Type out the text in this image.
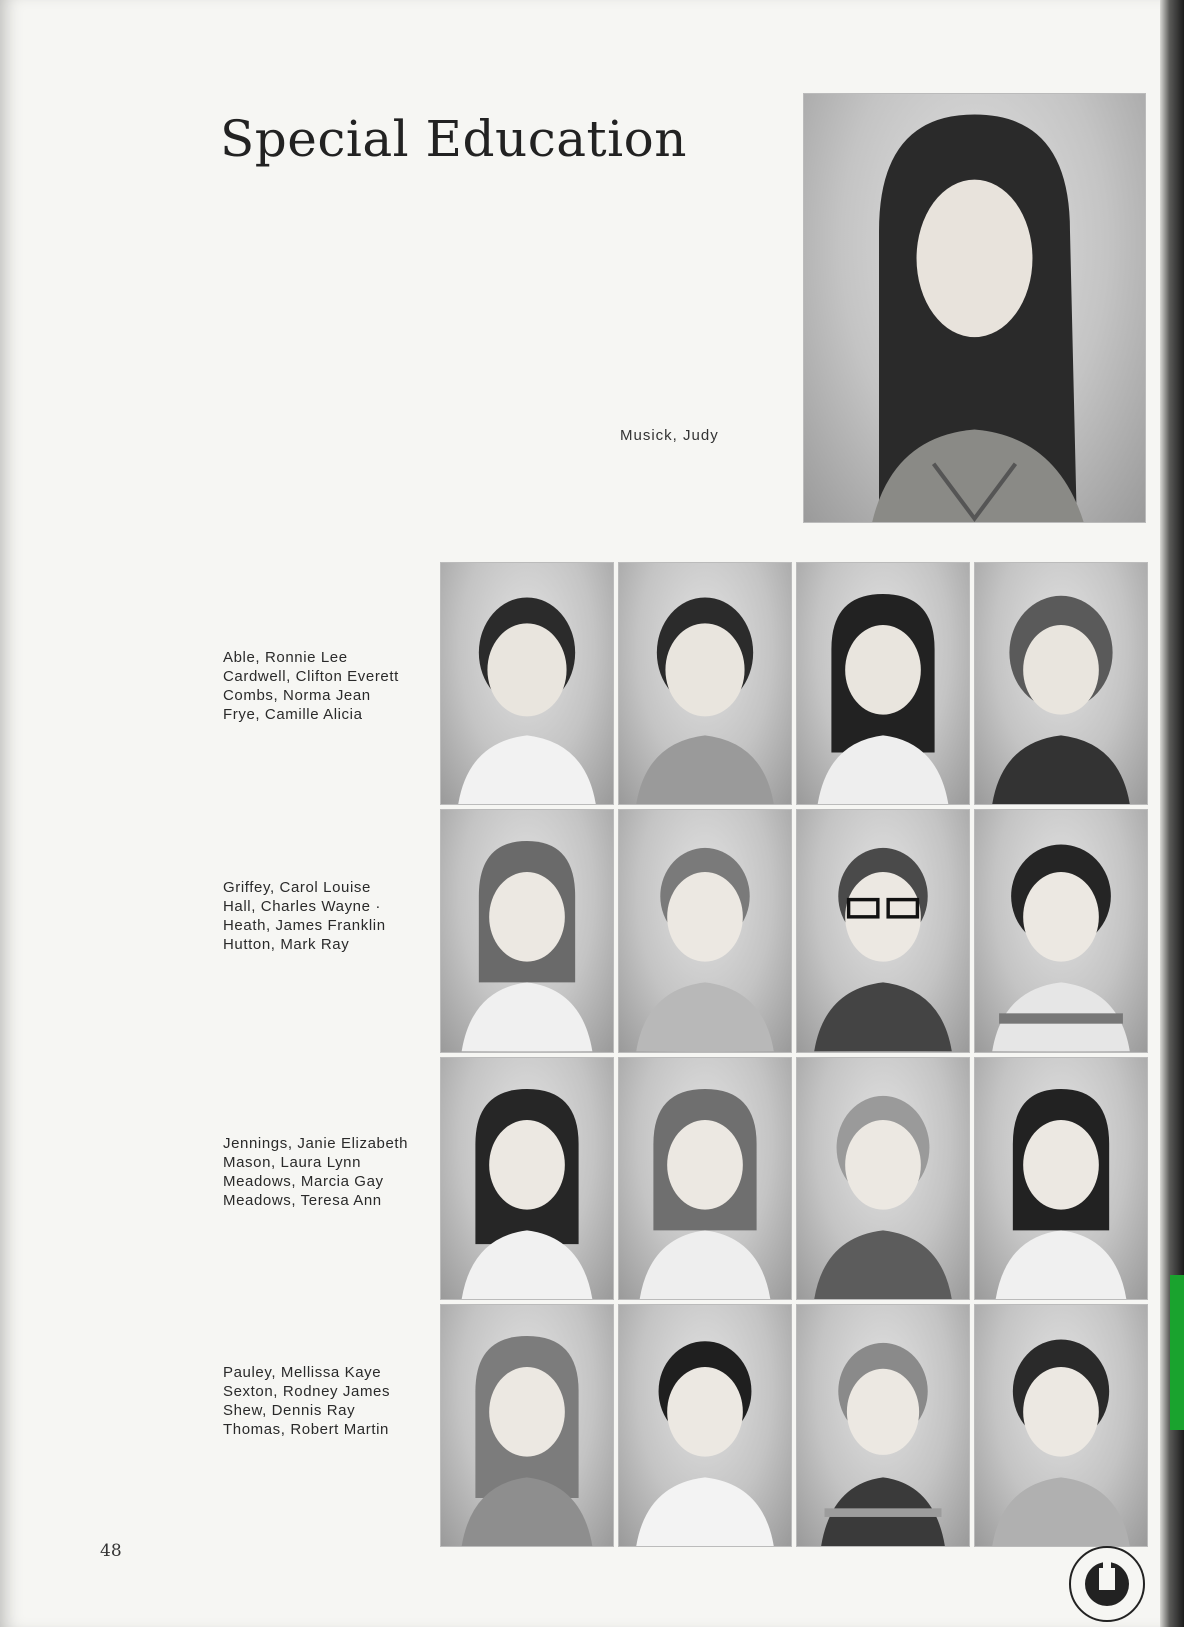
Special Education
Musick, Judy
Able, Ronnie Lee
Cardwell, Clifton Everett
Combs, Norma Jean
Frye, Camille Alicia
Griffey, Carol Louise
Hall, Charles Wayne ·
Heath, James Franklin
Hutton, Mark Ray
Jennings, Janie Elizabeth
Mason, Laura Lynn
Meadows, Marcia Gay
Meadows, Teresa Ann
Pauley, Mellissa Kaye
Sexton, Rodney James
Shew, Dennis Ray
Thomas, Robert Martin
48
